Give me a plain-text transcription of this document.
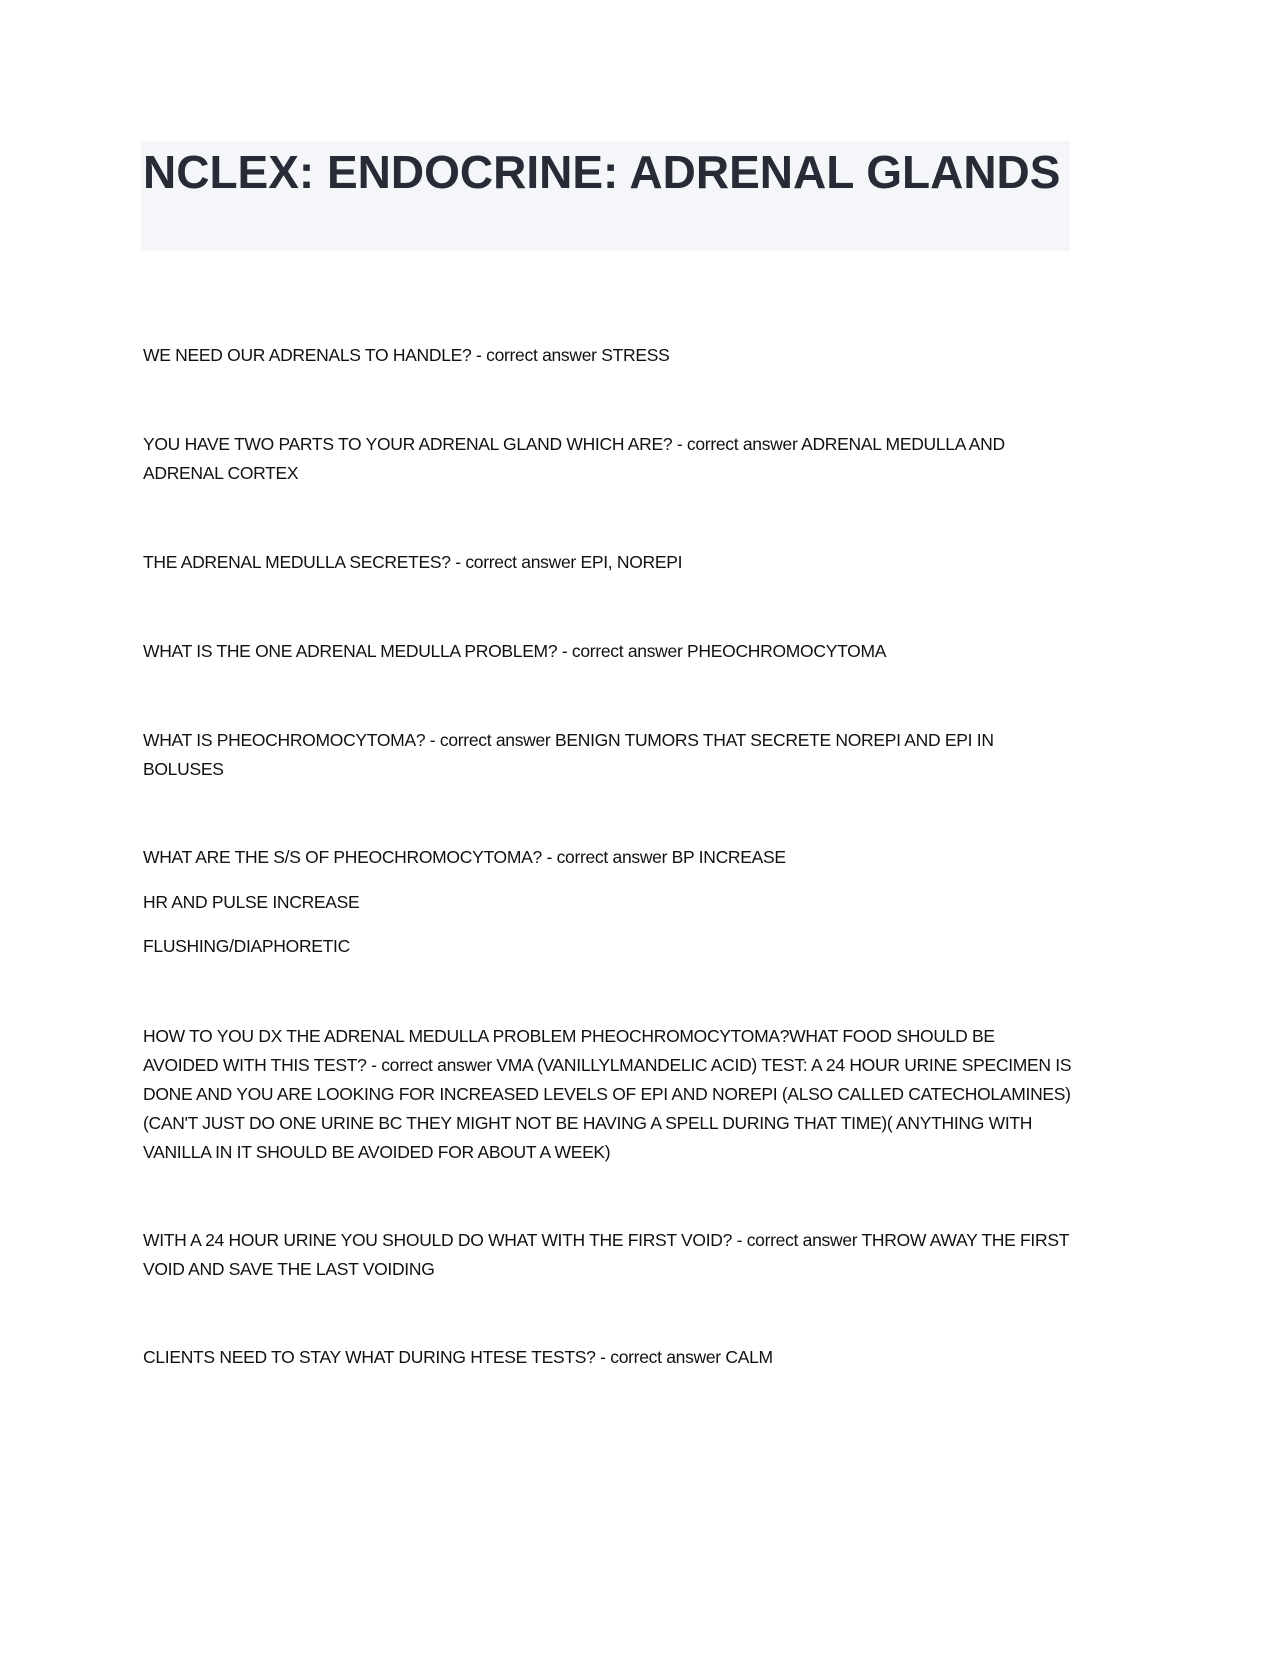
NCLEX: ENDOCRINE: ADRENAL GLANDS

WE NEED OUR ADRENALS TO HANDLE? - correct answer STRESS

YOU HAVE TWO PARTS TO YOUR ADRENAL GLAND WHICH ARE? - correct answer ADRENAL MEDULLA AND ADRENAL CORTEX

THE ADRENAL MEDULLA SECRETES? - correct answer EPI, NOREPI

WHAT IS THE ONE ADRENAL MEDULLA PROBLEM? - correct answer PHEOCHROMOCYTOMA

WHAT IS PHEOCHROMOCYTOMA? - correct answer BENIGN TUMORS THAT SECRETE NOREPI AND EPI IN BOLUSES

WHAT ARE THE S/S OF PHEOCHROMOCYTOMA? - correct answer BP INCREASE

HR AND PULSE INCREASE

FLUSHING/DIAPHORETIC

HOW TO YOU DX THE ADRENAL MEDULLA PROBLEM PHEOCHROMOCYTOMA?WHAT FOOD SHOULD BE AVOIDED WITH THIS TEST? - correct answer VMA (VANILLYLMANDELIC ACID) TEST: A 24 HOUR URINE SPECIMEN IS DONE AND YOU ARE LOOKING FOR INCREASED LEVELS OF EPI AND NOREPI (ALSO CALLED CATECHOLAMINES) (CAN'T JUST DO ONE URINE BC THEY MIGHT NOT BE HAVING A SPELL DURING THAT TIME)( ANYTHING WITH VANILLA IN IT SHOULD BE AVOIDED FOR ABOUT A WEEK)

WITH A 24 HOUR URINE YOU SHOULD DO WHAT WITH THE FIRST VOID? - correct answer THROW AWAY THE FIRST VOID AND SAVE THE LAST VOIDING

CLIENTS NEED TO STAY WHAT DURING HTESE TESTS? - correct answer CALM
